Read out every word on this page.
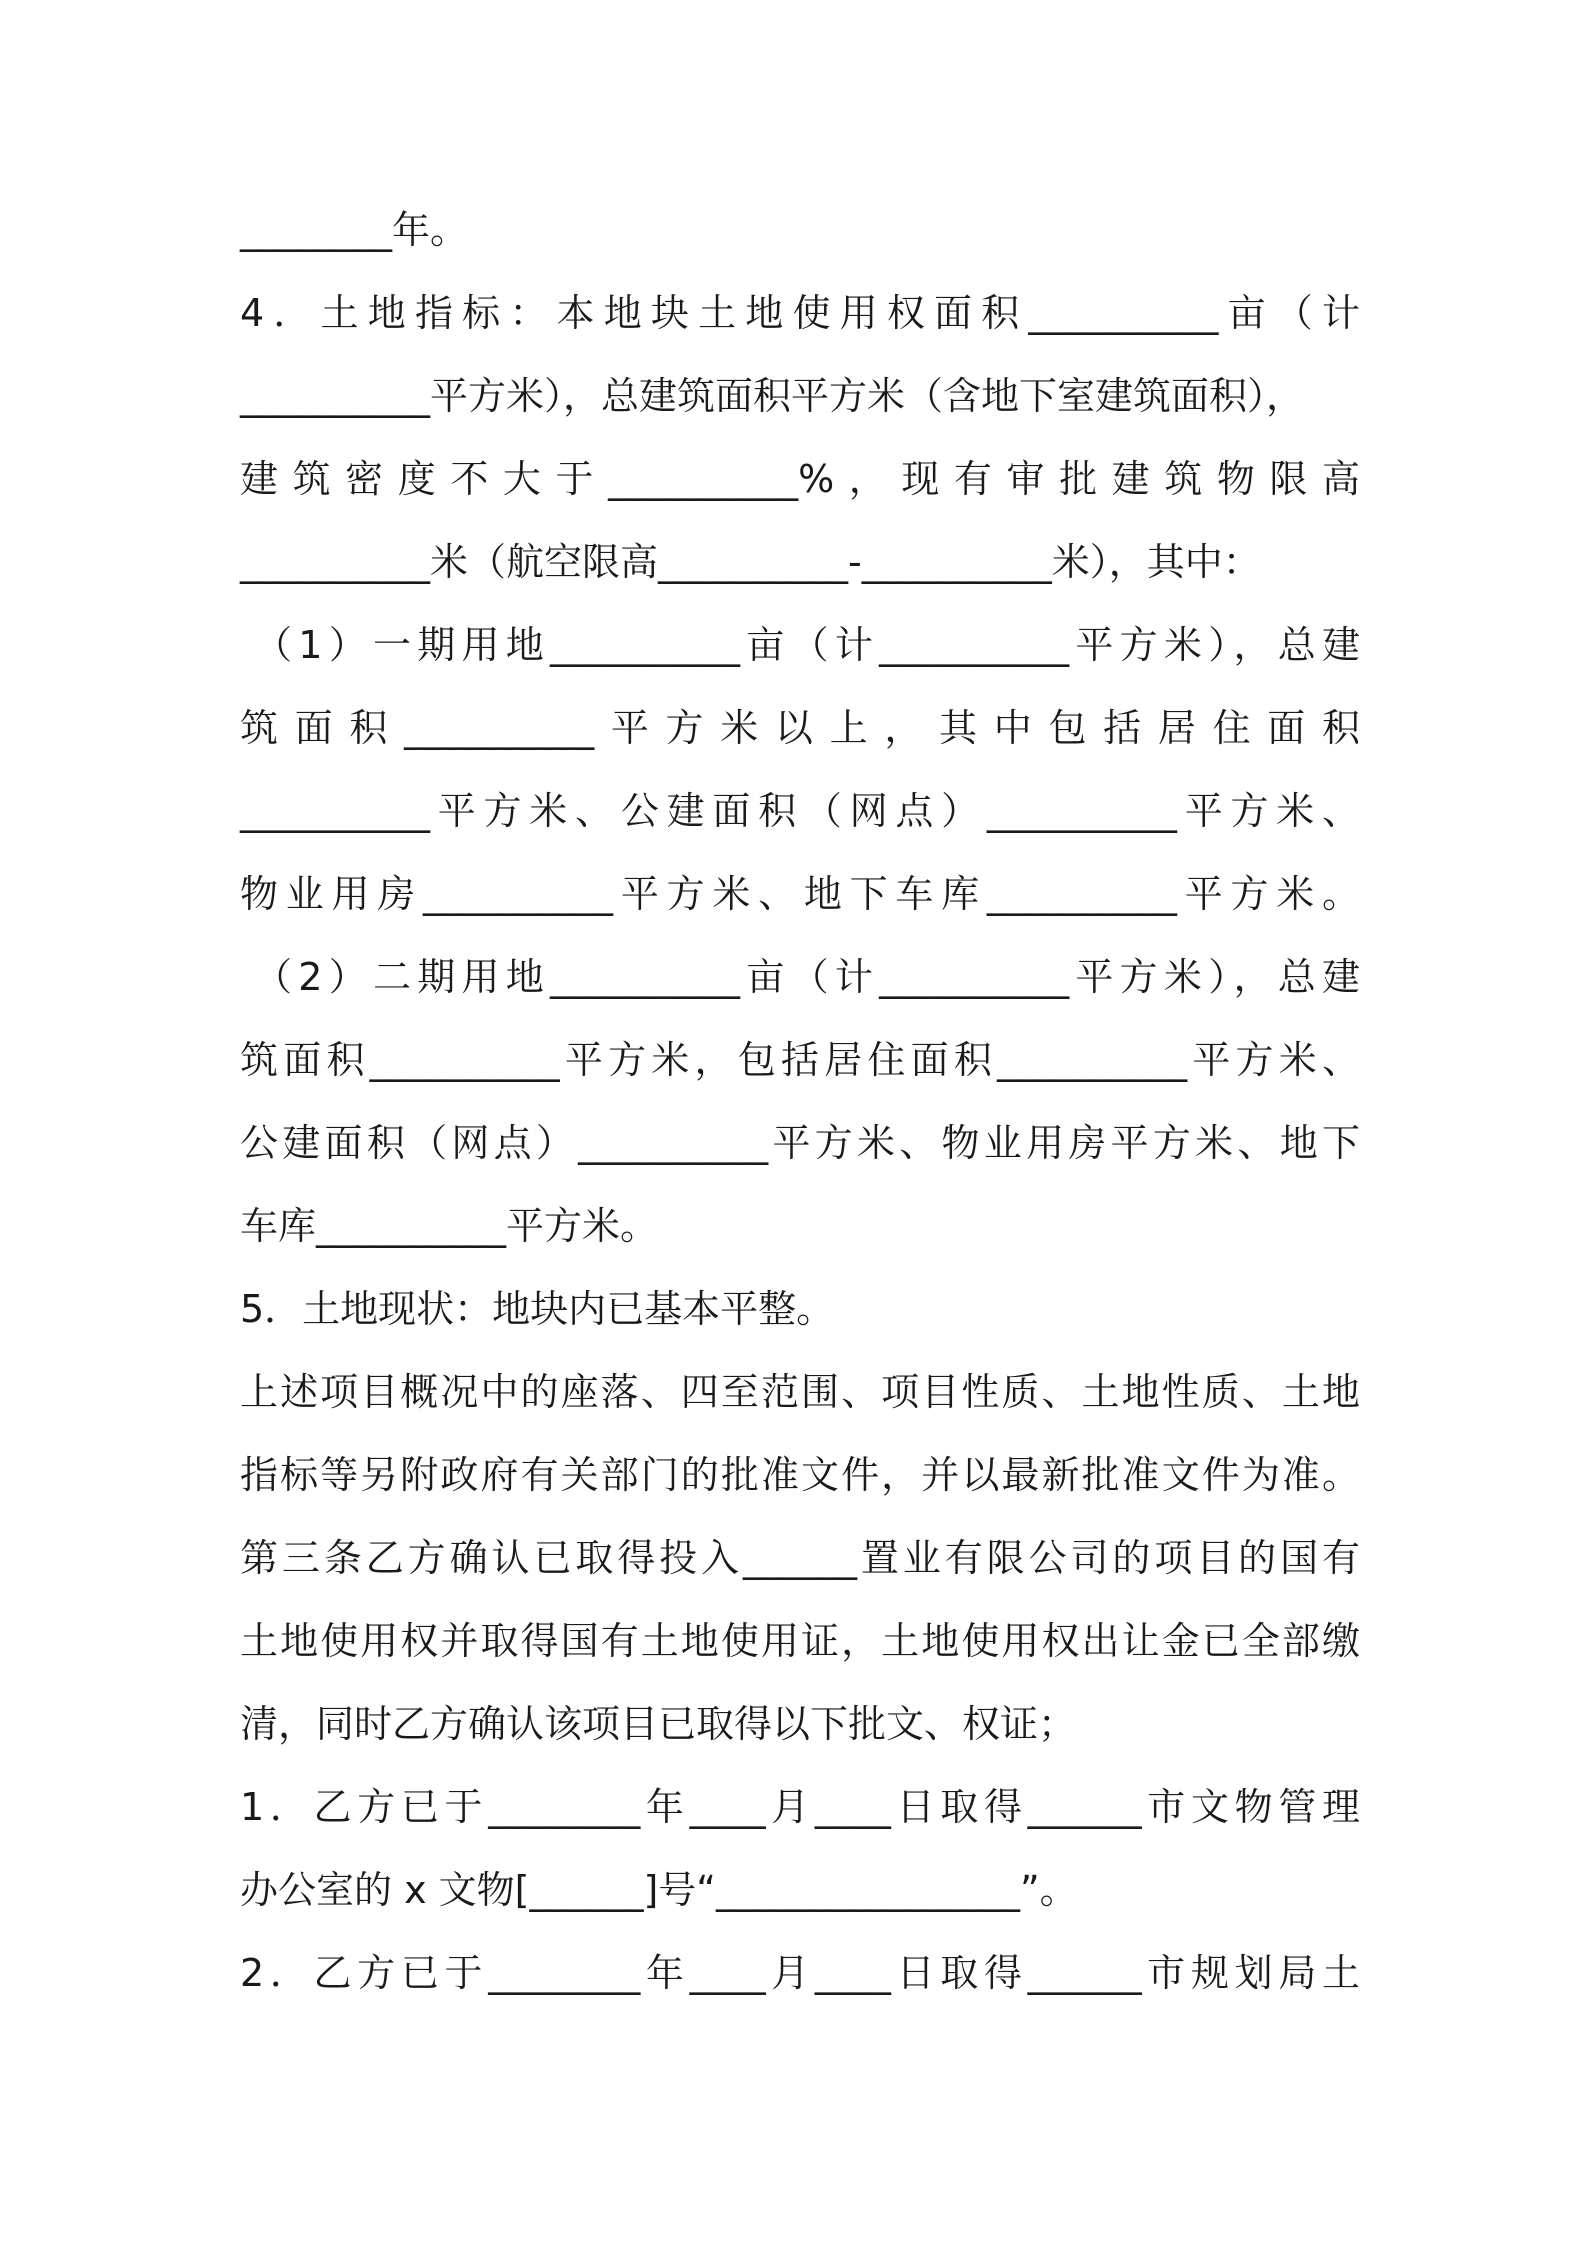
________年。
4．土地指标：本地块土地使用权面积__________亩（计
__________平方米），总建筑面积平方米（含地下室建筑面积），
建筑密度不大于__________%，现有审批建筑物限高
__________米（航空限高__________-__________米），其中：
（1）一期用地__________亩（计__________平方米），总建
筑面积__________平方米以上，其中包括居住面积
__________平方米、公建面积（网点）__________平方米、
物业用房__________平方米、地下车库__________平方米。
（2）二期用地__________亩（计__________平方米），总建
筑面积__________平方米，包括居住面积__________平方米、
公建面积（网点）__________平方米、物业用房平方米、地下
车库__________平方米。
5．土地现状：地块内已基本平整。
上述项目概况中的座落、四至范围、项目性质、土地性质、土地
指标等另附政府有关部门的批准文件，并以最新批准文件为准。
第三条乙方确认已取得投入______置业有限公司的项目的国有
土地使用权并取得国有土地使用证，土地使用权出让金已全部缴
清，同时乙方确认该项目已取得以下批文、权证；
1．乙方已于________年____月____日取得______市文物管理
办公室的 x 文物[______]号“________________”。
2．乙方已于________年____月____日取得______市规划局土
